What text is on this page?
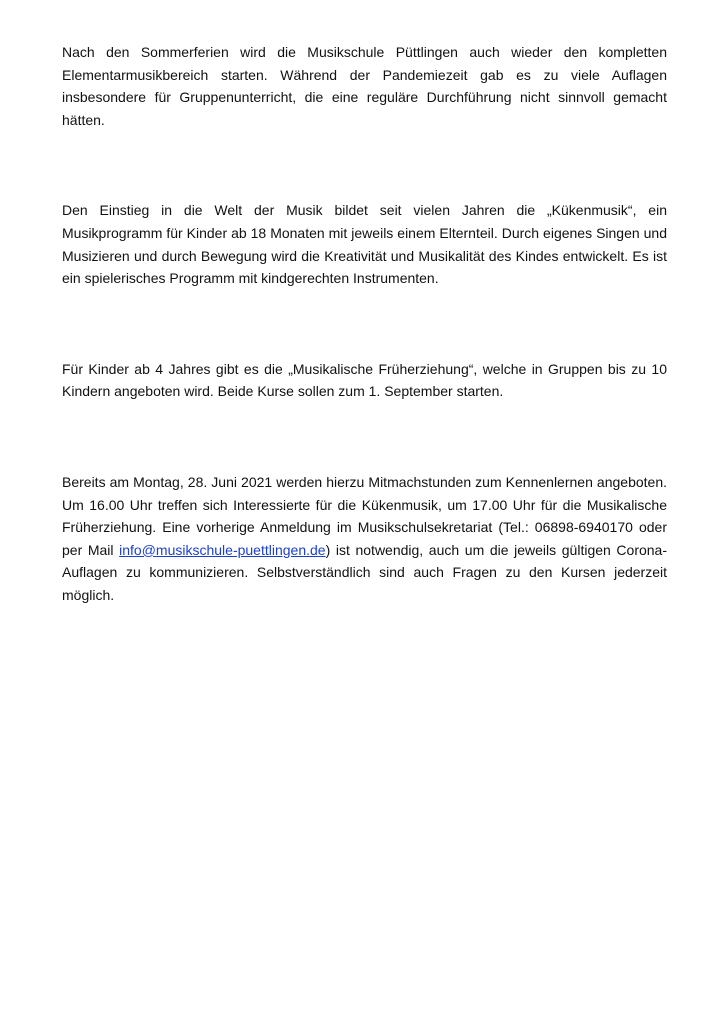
Nach den Sommerferien wird die Musikschule Püttlingen auch wieder den kompletten Elementarmusikbereich starten. Während der Pandemiezeit gab es zu viele Auflagen insbesondere für Gruppenunterricht, die eine reguläre Durchführung nicht sinnvoll gemacht hätten.

Den Einstieg in die Welt der Musik bildet seit vielen Jahren die „Kükenmusik“, ein Musikprogramm für Kinder ab 18 Monaten mit jeweils einem Elternteil. Durch eigenes Singen und Musizieren und durch Bewegung wird die Kreativität und Musikalität des Kindes entwickelt. Es ist ein spielerisches Programm mit kindgerechten Instrumenten.

Für Kinder ab 4 Jahres gibt es die „Musikalische Früherziehung“, welche in Gruppen bis zu 10 Kindern angeboten wird. Beide Kurse sollen zum 1. September starten.

Bereits am Montag, 28. Juni 2021 werden hierzu Mitmachstunden zum Kennenlernen angeboten. Um 16.00 Uhr treffen sich Interessierte für die Kükenmusik, um 17.00 Uhr für die Musikalische Früherziehung. Eine vorherige Anmeldung im Musikschulsekretariat (Tel.: 06898-6940170 oder per Mail info@musikschule-puettlingen.de) ist notwendig, auch um die jeweils gültigen Corona-Auflagen zu kommunizieren. Selbstverständlich sind auch Fragen zu den Kursen jederzeit möglich.
